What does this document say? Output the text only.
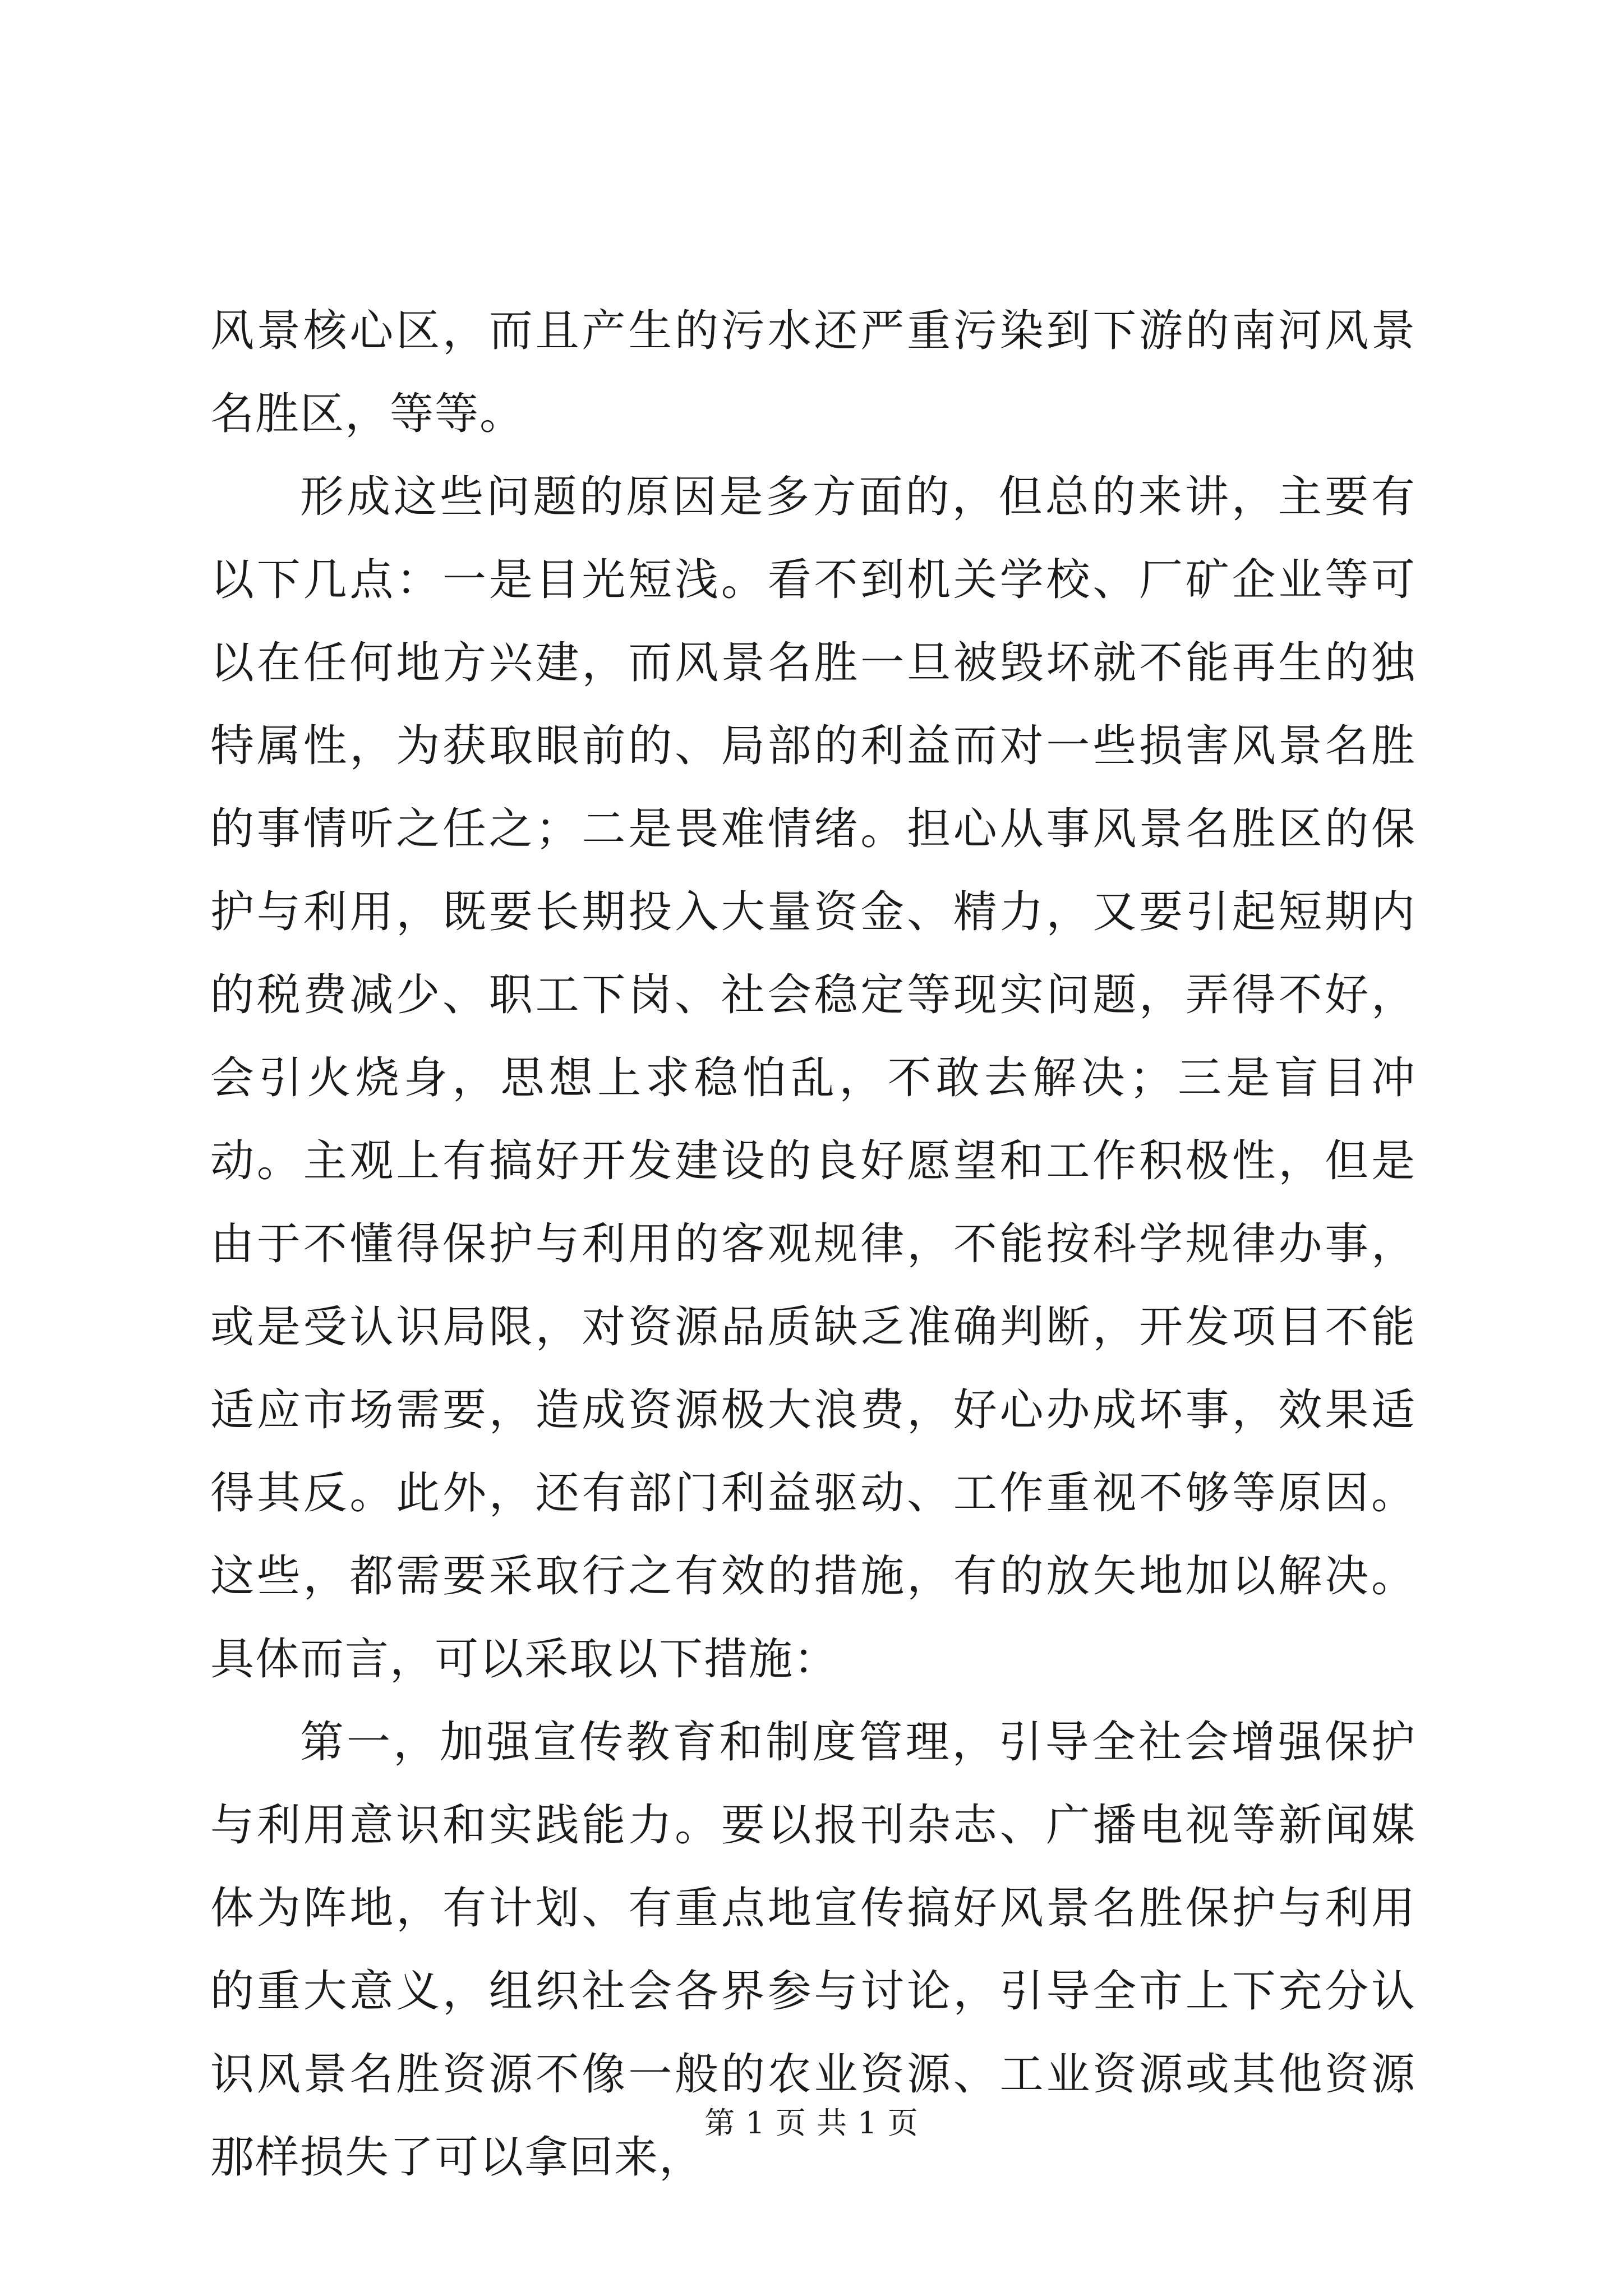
风景核心区，而且产生的污水还严重污染到下游的南河风景名胜区，等等。

形成这些问题的原因是多方面的，但总的来讲，主要有以下几点：一是目光短浅。看不到机关学校、厂矿企业等可以在任何地方兴建，而风景名胜一旦被毁坏就不能再生的独特属性，为获取眼前的、局部的利益而对一些损害风景名胜的事情听之任之；二是畏难情绪。担心从事风景名胜区的保护与利用，既要长期投入大量资金、精力，又要引起短期内的税费减少、职工下岗、社会稳定等现实问题，弄得不好，会引火烧身，思想上求稳怕乱，不敢去解决；三是盲目冲动。主观上有搞好开发建设的良好愿望和工作积极性，但是由于不懂得保护与利用的客观规律，不能按科学规律办事，或是受认识局限，对资源品质缺乏准确判断，开发项目不能适应市场需要，造成资源极大浪费，好心办成坏事，效果适得其反。此外，还有部门利益驱动、工作重视不够等原因。这些，都需要采取行之有效的措施，有的放矢地加以解决。具体而言，可以采取以下措施：

第一，加强宣传教育和制度管理，引导全社会增强保护与利用意识和实践能力。要以报刊杂志、广播电视等新闻媒体为阵地，有计划、有重点地宣传搞好风景名胜保护与利用的重大意义，组织社会各界参与讨论，引导全市上下充分认识风景名胜资源不像一般的农业资源、工业资源或其他资源那样损失了可以拿回来，

第 1 页 共 1 页
